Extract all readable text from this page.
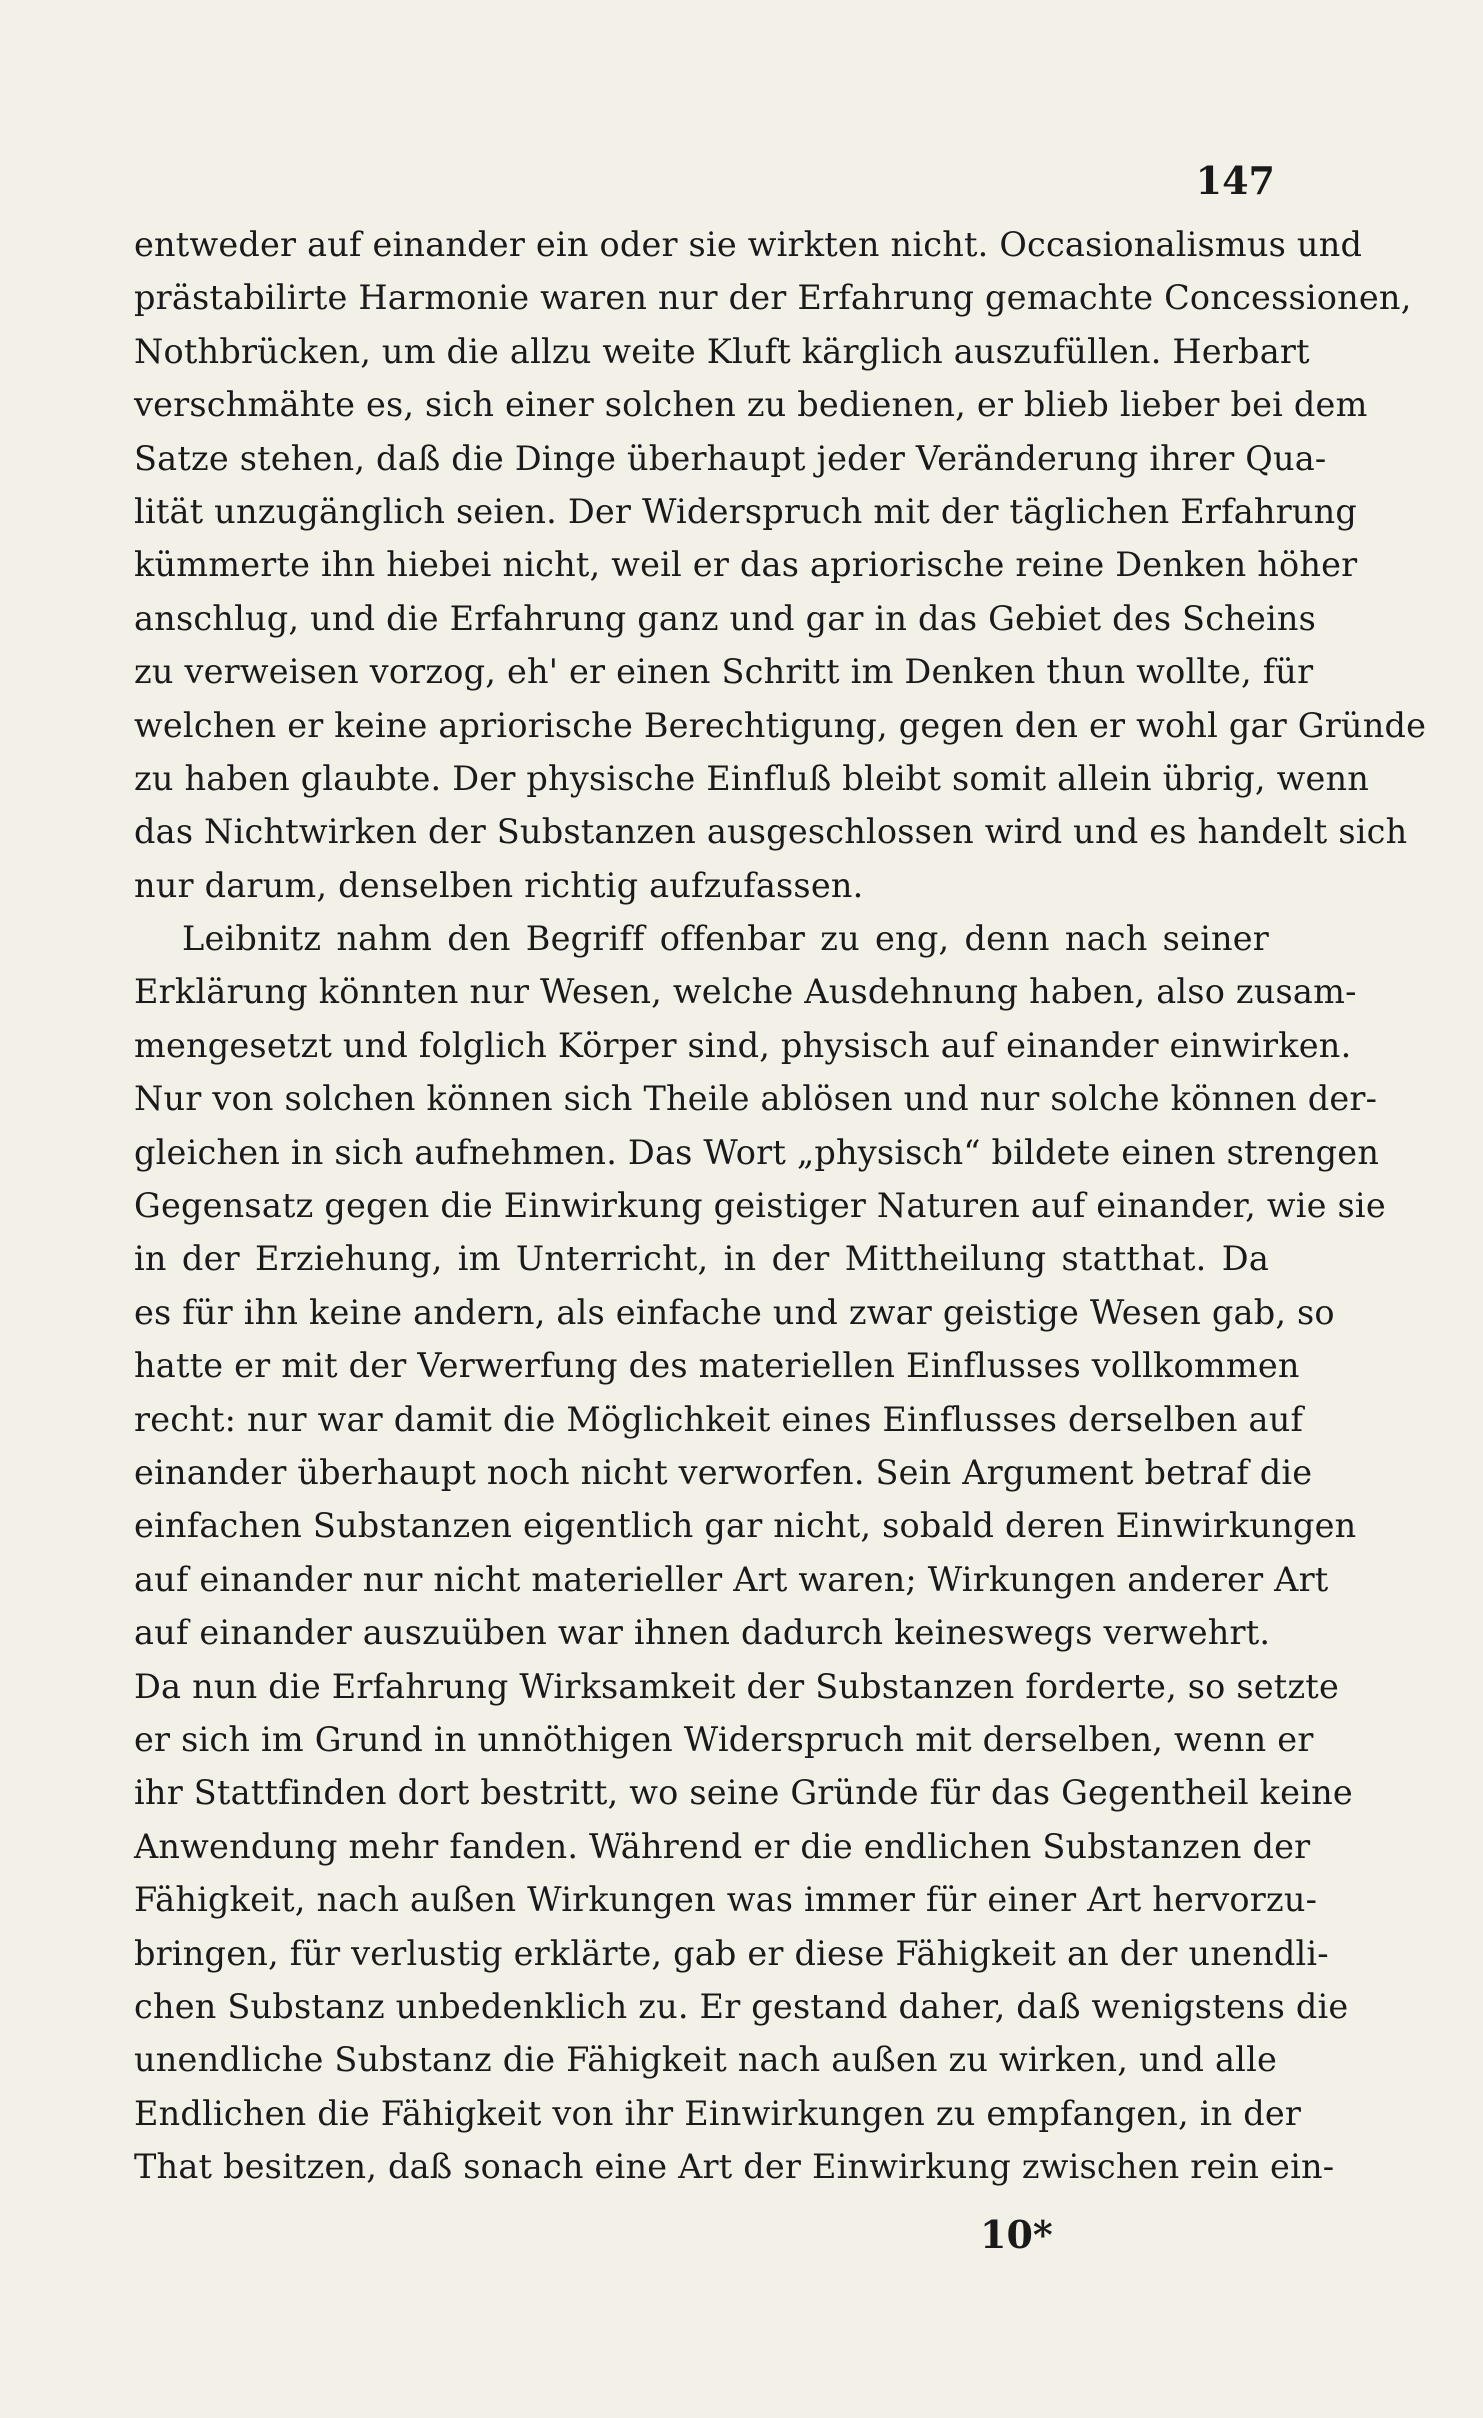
147
entweder auf einander ein oder sie wirkten nicht. Occasionalismus und
prästabilirte Harmonie waren nur der Erfahrung gemachte Concessionen,
Nothbrücken, um die allzu weite Kluft kärglich auszufüllen. Herbart
verschmähte es, sich einer solchen zu bedienen, er blieb lieber bei dem
Satze stehen, daß die Dinge überhaupt jeder Veränderung ihrer Qua-
lität unzugänglich seien. Der Widerspruch mit der täglichen Erfahrung
kümmerte ihn hiebei nicht, weil er das apriorische reine Denken höher
anschlug, und die Erfahrung ganz und gar in das Gebiet des Scheins
zu verweisen vorzog, eh' er einen Schritt im Denken thun wollte, für
welchen er keine apriorische Berechtigung, gegen den er wohl gar Gründe
zu haben glaubte. Der physische Einfluß bleibt somit allein übrig, wenn
das Nichtwirken der Substanzen ausgeschlossen wird und es handelt sich
nur darum, denselben richtig aufzufassen.
Leibnitz nahm den Begriff offenbar zu eng, denn nach seiner
Erklärung könnten nur Wesen, welche Ausdehnung haben, also zusam-
mengesetzt und folglich Körper sind, physisch auf einander einwirken.
Nur von solchen können sich Theile ablösen und nur solche können der-
gleichen in sich aufnehmen. Das Wort „physisch“ bildete einen strengen
Gegensatz gegen die Einwirkung geistiger Naturen auf einander, wie sie
in der Erziehung, im Unterricht, in der Mittheilung statthat. Da
es für ihn keine andern, als einfache und zwar geistige Wesen gab, so
hatte er mit der Verwerfung des materiellen Einflusses vollkommen
recht: nur war damit die Möglichkeit eines Einflusses derselben auf
einander überhaupt noch nicht verworfen. Sein Argument betraf die
einfachen Substanzen eigentlich gar nicht, sobald deren Einwirkungen
auf einander nur nicht materieller Art waren; Wirkungen anderer Art
auf einander auszuüben war ihnen dadurch keineswegs verwehrt.
Da nun die Erfahrung Wirksamkeit der Substanzen forderte, so setzte
er sich im Grund in unnöthigen Widerspruch mit derselben, wenn er
ihr Stattfinden dort bestritt, wo seine Gründe für das Gegentheil keine
Anwendung mehr fanden. Während er die endlichen Substanzen der
Fähigkeit, nach außen Wirkungen was immer für einer Art hervorzu-
bringen, für verlustig erklärte, gab er diese Fähigkeit an der unendli-
chen Substanz unbedenklich zu. Er gestand daher, daß wenigstens die
unendliche Substanz die Fähigkeit nach außen zu wirken, und alle
Endlichen die Fähigkeit von ihr Einwirkungen zu empfangen, in der
That besitzen, daß sonach eine Art der Einwirkung zwischen rein ein-
10*
